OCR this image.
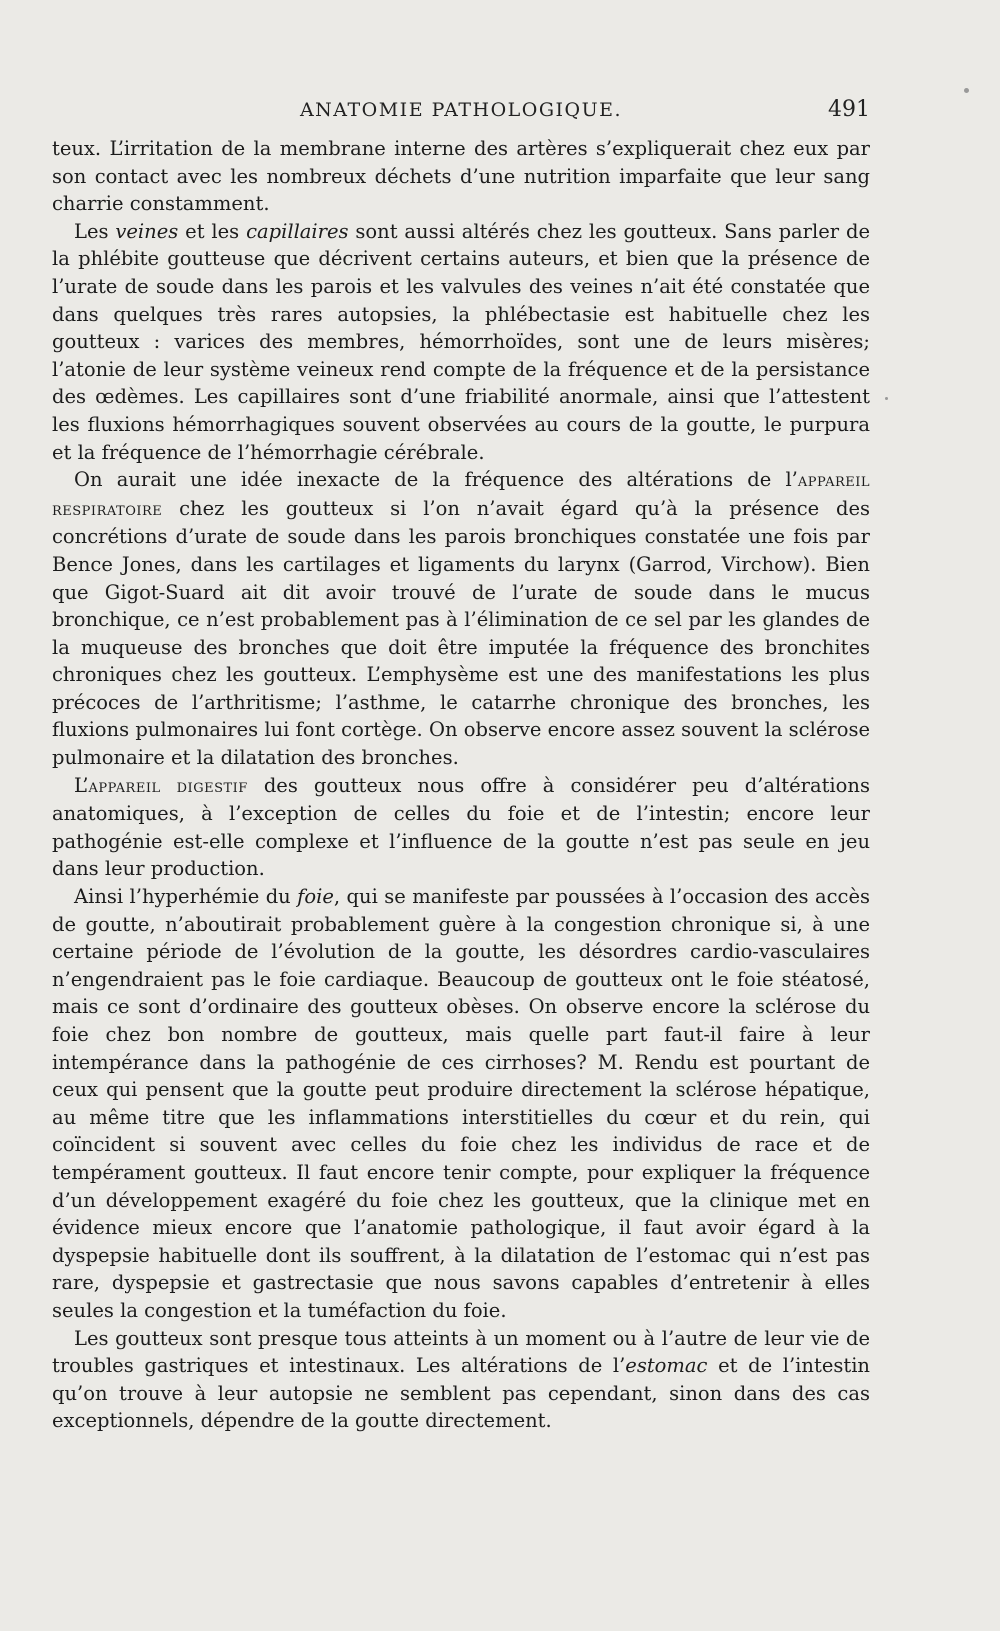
ANATOMIE PATHOLOGIQUE.	491

teux. L’irritation de la membrane interne des artères s’expliquerait chez eux par son contact avec les nombreux déchets d’une nutrition imparfaite que leur sang charrie constamment.

Les veines et les capillaires sont aussi altérés chez les goutteux. Sans parler de la phlébite goutteuse que décrivent certains auteurs, et bien que la présence de l’urate de soude dans les parois et les valvules des veines n’ait été constatée que dans quelques très rares autopsies, la phlébectasie est habituelle chez les goutteux : varices des membres, hémorrhoïdes, sont une de leurs misères; l’atonie de leur système veineux rend compte de la fréquence et de la persistance des œdèmes. Les capillaires sont d’une friabilité anormale, ainsi que l’attestent les fluxions hémorrhagiques souvent observées au cours de la goutte, le purpura et la fréquence de l’hémorrhagie cérébrale.

On aurait une idée inexacte de la fréquence des altérations de l’appareil respiratoire chez les goutteux si l’on n’avait égard qu’à la présence des concrétions d’urate de soude dans les parois bronchiques constatée une fois par Bence Jones, dans les cartilages et ligaments du larynx (Garrod, Virchow). Bien que Gigot-Suard ait dit avoir trouvé de l’urate de soude dans le mucus bronchique, ce n’est probablement pas à l’élimination de ce sel par les glandes de la muqueuse des bronches que doit être imputée la fréquence des bronchites chroniques chez les goutteux. L’emphysème est une des manifestations les plus précoces de l’arthritisme; l’asthme, le catarrhe chronique des bronches, les fluxions pulmonaires lui font cortège. On observe encore assez souvent la sclérose pulmonaire et la dilatation des bronches.

L’appareil digestif des goutteux nous offre à considérer peu d’altérations anatomiques, à l’exception de celles du foie et de l’intestin; encore leur pathogénie est-elle complexe et l’influence de la goutte n’est pas seule en jeu dans leur production.

Ainsi l’hyperhémie du foie, qui se manifeste par poussées à l’occasion des accès de goutte, n’aboutirait probablement guère à la congestion chronique si, à une certaine période de l’évolution de la goutte, les désordres cardio-vasculaires n’engendraient pas le foie cardiaque. Beaucoup de goutteux ont le foie stéatosé, mais ce sont d’ordinaire des goutteux obèses. On observe encore la sclérose du foie chez bon nombre de goutteux, mais quelle part faut-il faire à leur intempérance dans la pathogénie de ces cirrhoses? M. Rendu est pourtant de ceux qui pensent que la goutte peut produire directement la sclérose hépatique, au même titre que les inflammations interstitielles du cœur et du rein, qui coïncident si souvent avec celles du foie chez les individus de race et de tempérament goutteux. Il faut encore tenir compte, pour expliquer la fréquence d’un développement exagéré du foie chez les goutteux, que la clinique met en évidence mieux encore que l’anatomie pathologique, il faut avoir égard à la dyspepsie habituelle dont ils souffrent, à la dilatation de l’estomac qui n’est pas rare, dyspepsie et gastrectasie que nous savons capables d’entretenir à elles seules la congestion et la tuméfaction du foie.

Les goutteux sont presque tous atteints à un moment ou à l’autre de leur vie de troubles gastriques et intestinaux. Les altérations de l’estomac et de l’intestin qu’on trouve à leur autopsie ne semblent pas cependant, sinon dans des cas exceptionnels, dépendre de la goutte directement.
